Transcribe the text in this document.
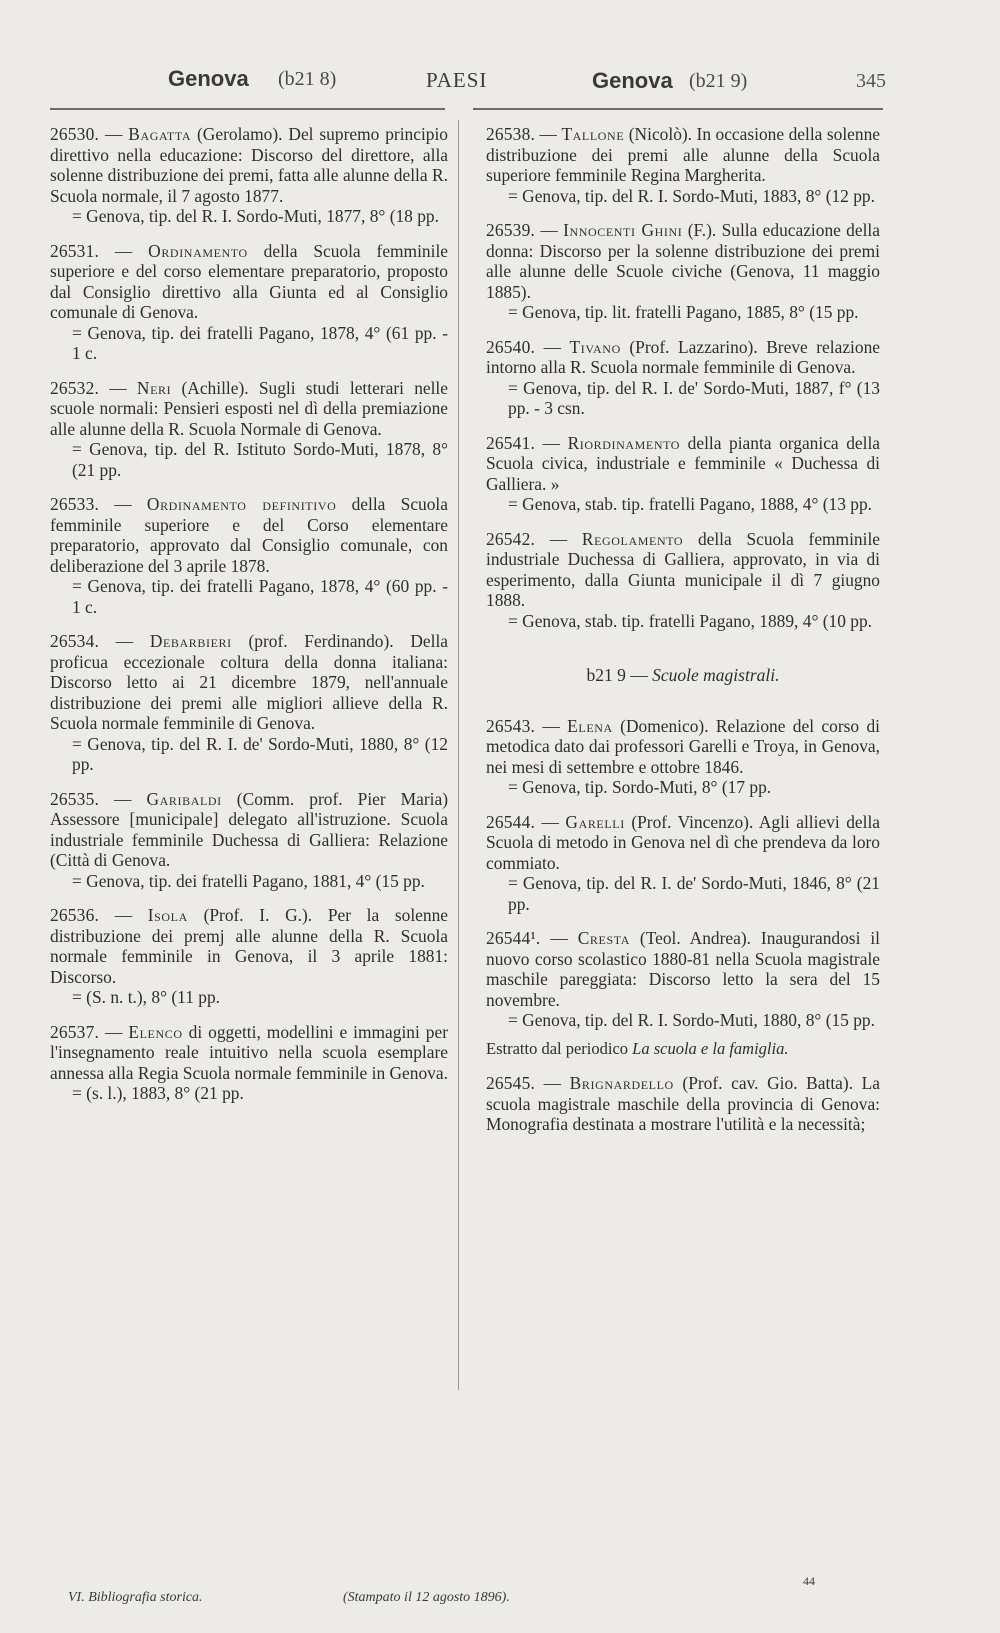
Genova (b21 8)	PAESI	Genova (b21 9)	345
26530. — Bagatta (Gerolamo). Del supremo principio direttivo nella educazione: Discorso del direttore, alla solenne distribuzione dei premi, fatta alle alunne della R. Scuola normale, il 7 agosto 1877.
= Genova, tip. del R. I. Sordo-Muti, 1877, 8° (18 pp.
26531. — Ordinamento della Scuola femminile superiore e del corso elementare preparatorio, proposto dal Consiglio direttivo alla Giunta ed al Consiglio comunale di Genova.
= Genova, tip. dei fratelli Pagano, 1878, 4° (61 pp. - 1 c.
26532. — Neri (Achille). Sugli studi letterari nelle scuole normali: Pensieri esposti nel dì della premiazione alle alunne della R. Scuola Normale di Genova.
= Genova, tip. del R. Istituto Sordo-Muti, 1878, 8° (21 pp.
26533. — Ordinamento definitivo della Scuola femminile superiore e del Corso elementare preparatorio, approvato dal Consiglio comunale, con deliberazione del 3 aprile 1878.
= Genova, tip. dei fratelli Pagano, 1878, 4° (60 pp. - 1 c.
26534. — Debarbieri (prof. Ferdinando). Della proficua eccezionale coltura della donna italiana: Discorso letto ai 21 dicembre 1879, nell'annuale distribuzione dei premi alle migliori allieve della R. Scuola normale femminile di Genova.
= Genova, tip. del R. I. de' Sordo-Muti, 1880, 8° (12 pp.
26535. — Garibaldi (Comm. prof. Pier Maria) Assessore [municipale] delegato all'istruzione. Scuola industriale femminile Duchessa di Galliera: Relazione (Città di Genova.
= Genova, tip. dei fratelli Pagano, 1881, 4° (15 pp.
26536. — Isola (Prof. I. G.). Per la solenne distribuzione dei premj alle alunne della R. Scuola normale femminile in Genova, il 3 aprile 1881: Discorso.
= (S. n. t.), 8° (11 pp.
26537. — Elenco di oggetti, modellini e immagini per l'insegnamento reale intuitivo nella scuola esemplare annessa alla Regia Scuola normale femminile in Genova.
= (s. l.), 1883, 8° (21 pp.
26538. — Tallone (Nicolò). In occasione della solenne distribuzione dei premi alle alunne della Scuola superiore femminile Regina Margherita.
= Genova, tip. del R. I. Sordo-Muti, 1883, 8° (12 pp.
26539. — Innocenti Ghini (F.). Sulla educazione della donna: Discorso per la solenne distribuzione dei premi alle alunne delle Scuole civiche (Genova, 11 maggio 1885).
= Genova, tip. lit. fratelli Pagano, 1885, 8° (15 pp.
26540. — Tivano (Prof. Lazzarino). Breve relazione intorno alla R. Scuola normale femminile di Genova.
= Genova, tip. del R. I. de' Sordo-Muti, 1887, f° (13 pp. - 3 csn.
26541. — Riordinamento della pianta organica della Scuola civica, industriale e femminile « Duchessa di Galliera. »
= Genova, stab. tip. fratelli Pagano, 1888, 4° (13 pp.
26542. — Regolamento della Scuola femminile industriale Duchessa di Galliera, approvato, in via di esperimento, dalla Giunta municipale il dì 7 giugno 1888.
= Genova, stab. tip. fratelli Pagano, 1889, 4° (10 pp.
b21 9 — Scuole magistrali.
26543. — Elena (Domenico). Relazione del corso di metodica dato dai professori Garelli e Troya, in Genova, nei mesi di settembre e ottobre 1846.
= Genova, tip. Sordo-Muti, 8° (17 pp.
26544. — Garelli (Prof. Vincenzo). Agli allievi della Scuola di metodo in Genova nel dì che prendeva da loro commiato.
= Genova, tip. del R. I. de' Sordo-Muti, 1846, 8° (21 pp.
26544¹. — Cresta (Teol. Andrea). Inaugurandosi il nuovo corso scolastico 1880-81 nella Scuola magistrale maschile pareggiata: Discorso letto la sera del 15 novembre.
= Genova, tip. del R. I. Sordo-Muti, 1880, 8° (15 pp.
Estratto dal periodico La scuola e la famiglia.
26545. — Brignardello (Prof. cav. Gio. Batta). La scuola magistrale maschile della provincia di Genova: Monografia destinata a mostrare l'utilità e la necessità;
VI. Bibliografia storica.	(Stampato il 12 agosto 1896).
44
